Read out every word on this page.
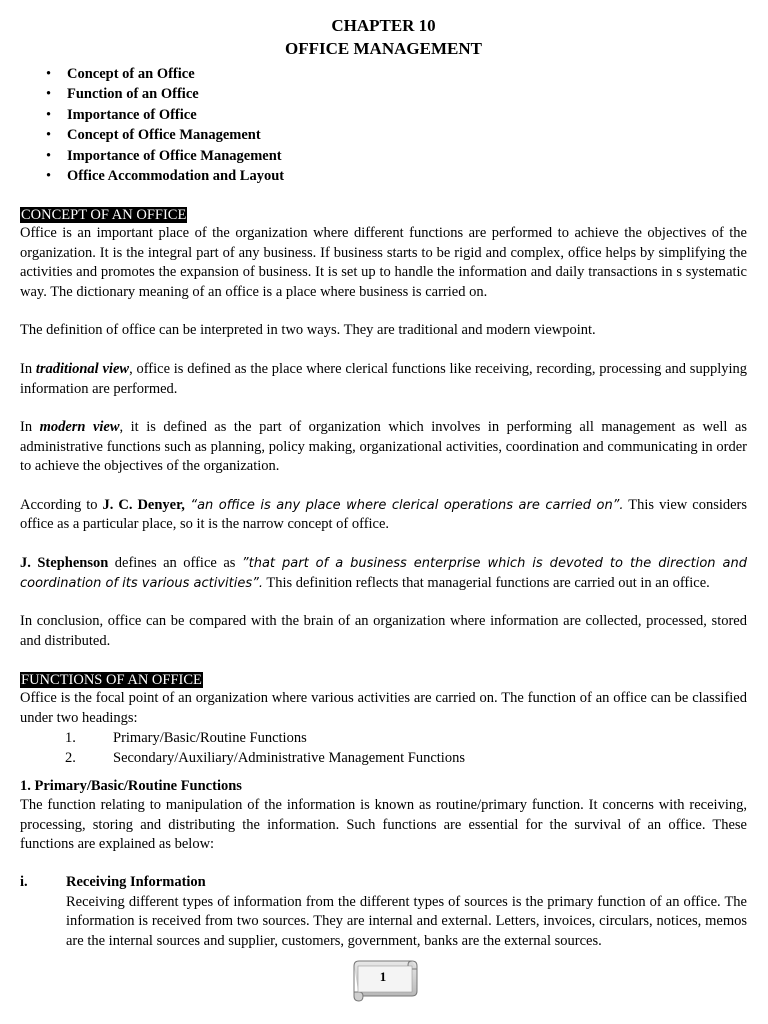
CHAPTER 10
OFFICE MANAGEMENT
• Concept of an Office
• Function of an Office
• Importance of Office
• Concept of Office Management
• Importance of Office Management
• Office Accommodation and Layout
CONCEPT OF AN OFFICE

Office is an important place of the organization where different functions are performed to achieve the objectives of the organization. It is the integral part of any business. If business starts to be rigid and complex, office helps by simplifying the activities and promotes the expansion of business. It is set up to handle the information and daily transactions in s systematic way. The dictionary meaning of an office is a place where business is carried on.

The definition of office can be interpreted in two ways. They are traditional and modern viewpoint.

In traditional view, office is defined as the place where clerical functions like receiving, recording, processing and supplying information are performed.

In modern view, it is defined as the part of organization which involves in performing all management as well as administrative functions such as planning, policy making, organizational activities, coordination and communicating in order to achieve the objectives of the organization.

According to J. C. Denyer, “an office is any place where clerical operations are carried on”. This view considers office as a particular place, so it is the narrow concept of office.

J. Stephenson defines an office as ”that part of a business enterprise which is devoted to the direction and coordination of its various activities”. This definition reflects that managerial functions are carried out in an office.

In conclusion, office can be compared with the brain of an organization where information are collected, processed, stored and distributed.

FUNCTIONS OF AN OFFICE

Office is the focal point of an organization where various activities are carried on. The function of an office can be classified under two headings:

1.	Primary/Basic/Routine Functions
2.	Secondary/Auxiliary/Administrative Management Functions
1. Primary/Basic/Routine Functions

The function relating to manipulation of the information is known as routine/primary function. It concerns with receiving, processing, storing and distributing the information. Such functions are essential for the survival of an office. These functions are explained as below:

i.	Receiving Information

Receiving different types of information from the different types of sources is the primary function of an office. The information is received from two sources. They are internal and external. Letters, invoices, circulars, notices, memos are the internal sources and supplier, customers, government, banks are the external sources.

1
